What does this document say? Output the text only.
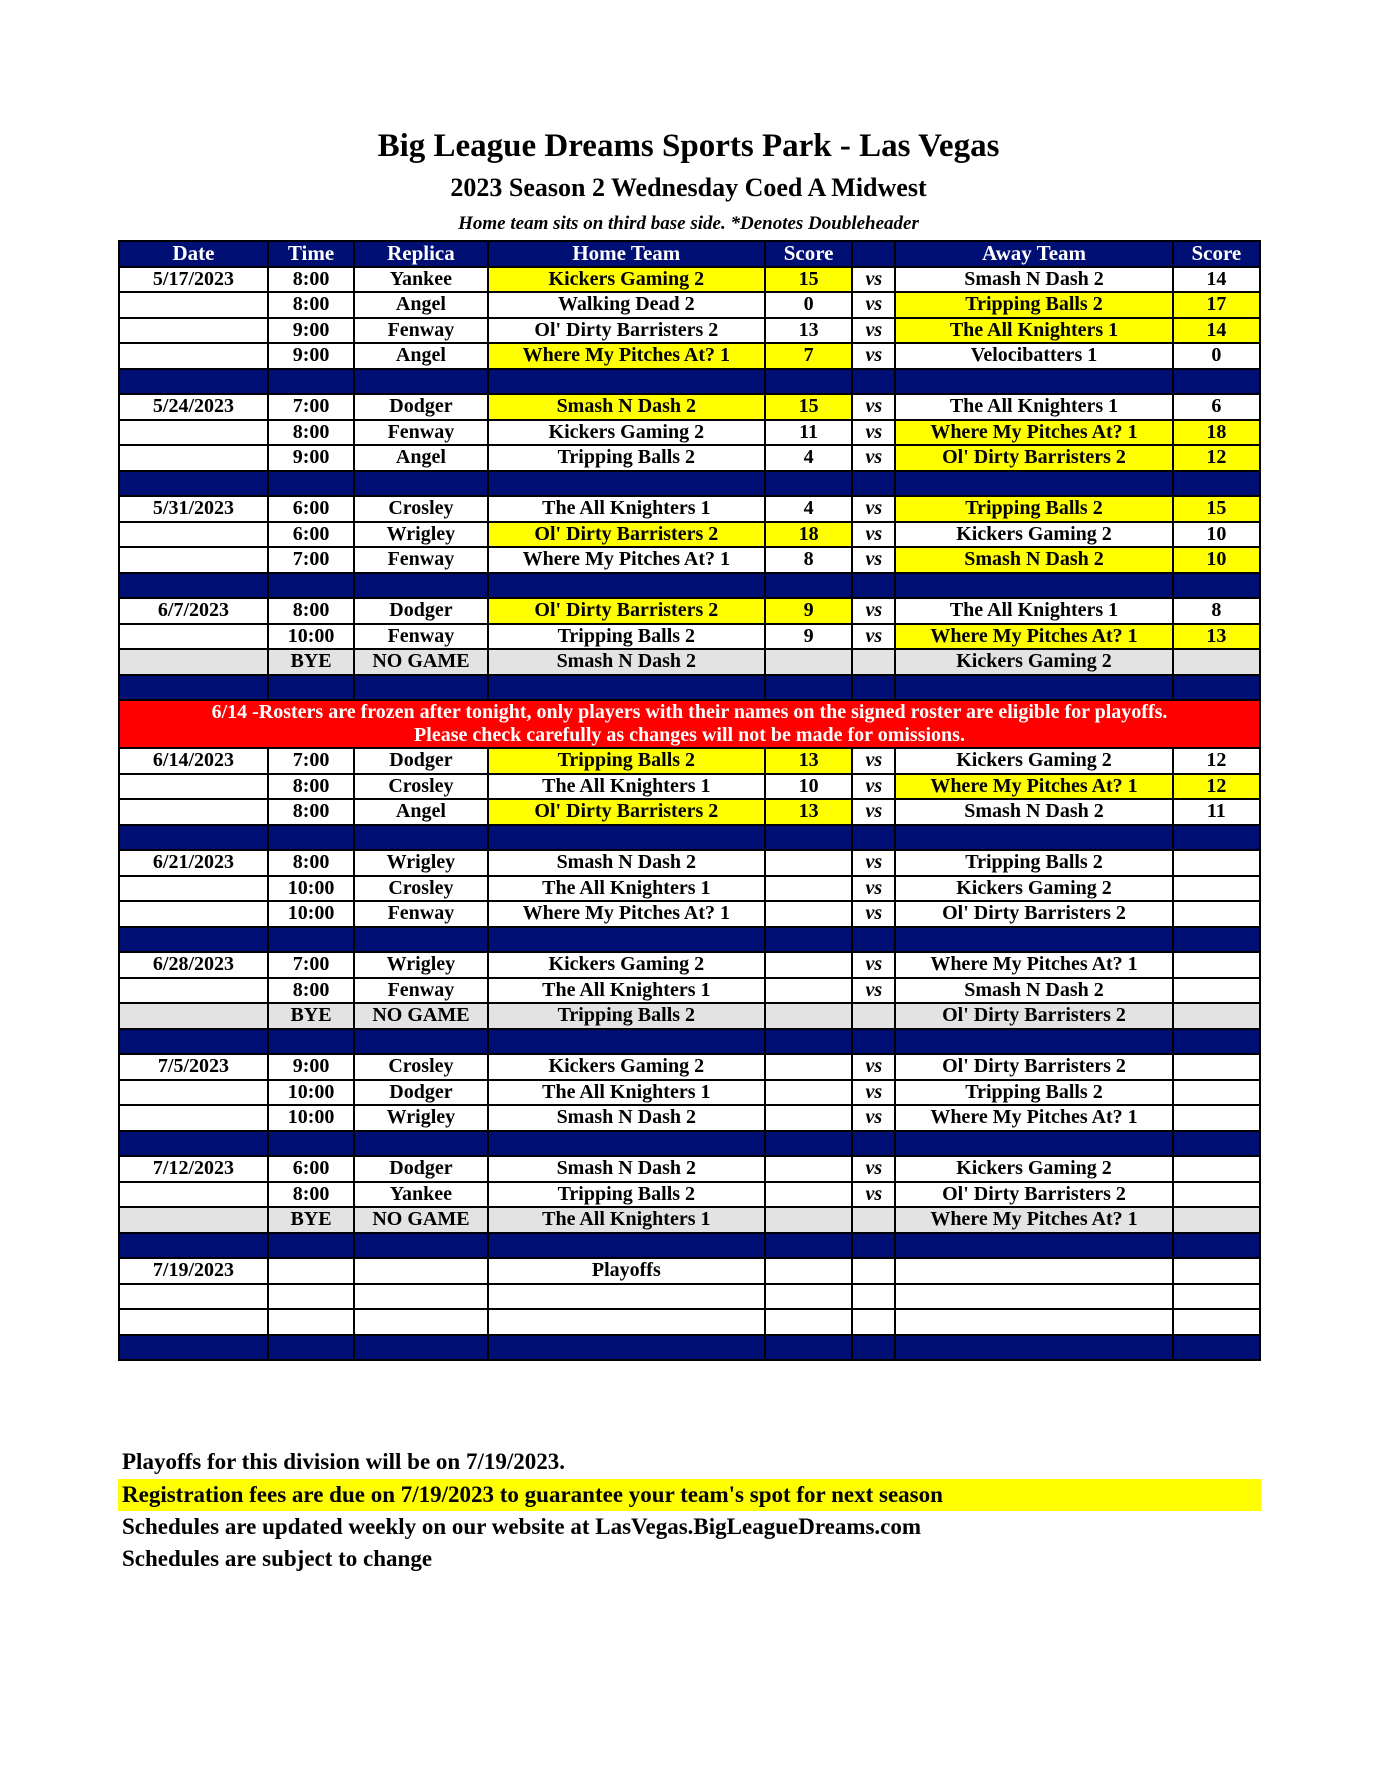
Big League Dreams Sports Park - Las Vegas
2023 Season 2 Wednesday Coed A Midwest
Home team sits on third base side. *Denotes Doubleheader
Date	Time	Replica	Home Team	Score		Away Team	Score
5/17/2023	8:00	Yankee	Kickers Gaming 2	15	vs	Smash N Dash 2	14
	8:00	Angel	Walking Dead 2	0	vs	Tripping Balls 2	17
	9:00	Fenway	Ol' Dirty Barristers 2	13	vs	The All Knighters 1	14
	9:00	Angel	Where My Pitches At? 1	7	vs	Velocibatters 1	0

5/24/2023	7:00	Dodger	Smash N Dash 2	15	vs	The All Knighters 1	6
	8:00	Fenway	Kickers Gaming 2	11	vs	Where My Pitches At? 1	18
	9:00	Angel	Tripping Balls 2	4	vs	Ol' Dirty Barristers 2	12

5/31/2023	6:00	Crosley	The All Knighters 1	4	vs	Tripping Balls 2	15
	6:00	Wrigley	Ol' Dirty Barristers 2	18	vs	Kickers Gaming 2	10
	7:00	Fenway	Where My Pitches At? 1	8	vs	Smash N Dash 2	10

6/7/2023	8:00	Dodger	Ol' Dirty Barristers 2	9	vs	The All Knighters 1	8
	10:00	Fenway	Tripping Balls 2	9	vs	Where My Pitches At? 1	13
	BYE	NO GAME	Smash N Dash 2			Kickers Gaming 2	

6/14 -Rosters are frozen after tonight, only players with their names on the signed roster are eligible for playoffs.
Please check carefully as changes will not be made for omissions.							

6/14/2023	7:00	Dodger	Tripping Balls 2	13	vs	Kickers Gaming 2	12
	8:00	Crosley	The All Knighters 1	10	vs	Where My Pitches At? 1	12
	8:00	Angel	Ol' Dirty Barristers 2	13	vs	Smash N Dash 2	11

6/21/2023	8:00	Wrigley	Smash N Dash 2		vs	Tripping Balls 2	
	10:00	Crosley	The All Knighters 1		vs	Kickers Gaming 2	
	10:00	Fenway	Where My Pitches At? 1		vs	Ol' Dirty Barristers 2	

6/28/2023	7:00	Wrigley	Kickers Gaming 2		vs	Where My Pitches At? 1	
	8:00	Fenway	The All Knighters 1		vs	Smash N Dash 2	
	BYE	NO GAME	Tripping Balls 2			Ol' Dirty Barristers 2	

7/5/2023	9:00	Crosley	Kickers Gaming 2		vs	Ol' Dirty Barristers 2	
	10:00	Dodger	The All Knighters 1		vs	Tripping Balls 2	
	10:00	Wrigley	Smash N Dash 2		vs	Where My Pitches At? 1	

7/12/2023	6:00	Dodger	Smash N Dash 2		vs	Kickers Gaming 2	
	8:00	Yankee	Tripping Balls 2		vs	Ol' Dirty Barristers 2	
	BYE	NO GAME	The All Knighters 1			Where My Pitches At? 1	

7/19/2023			Playoffs				

Playoffs for this division will be on 7/19/2023.
Registration fees are due on 7/19/2023 to guarantee your team's spot for next season
Schedules are updated weekly on our website at LasVegas.BigLeagueDreams.com
Schedules are subject to change
